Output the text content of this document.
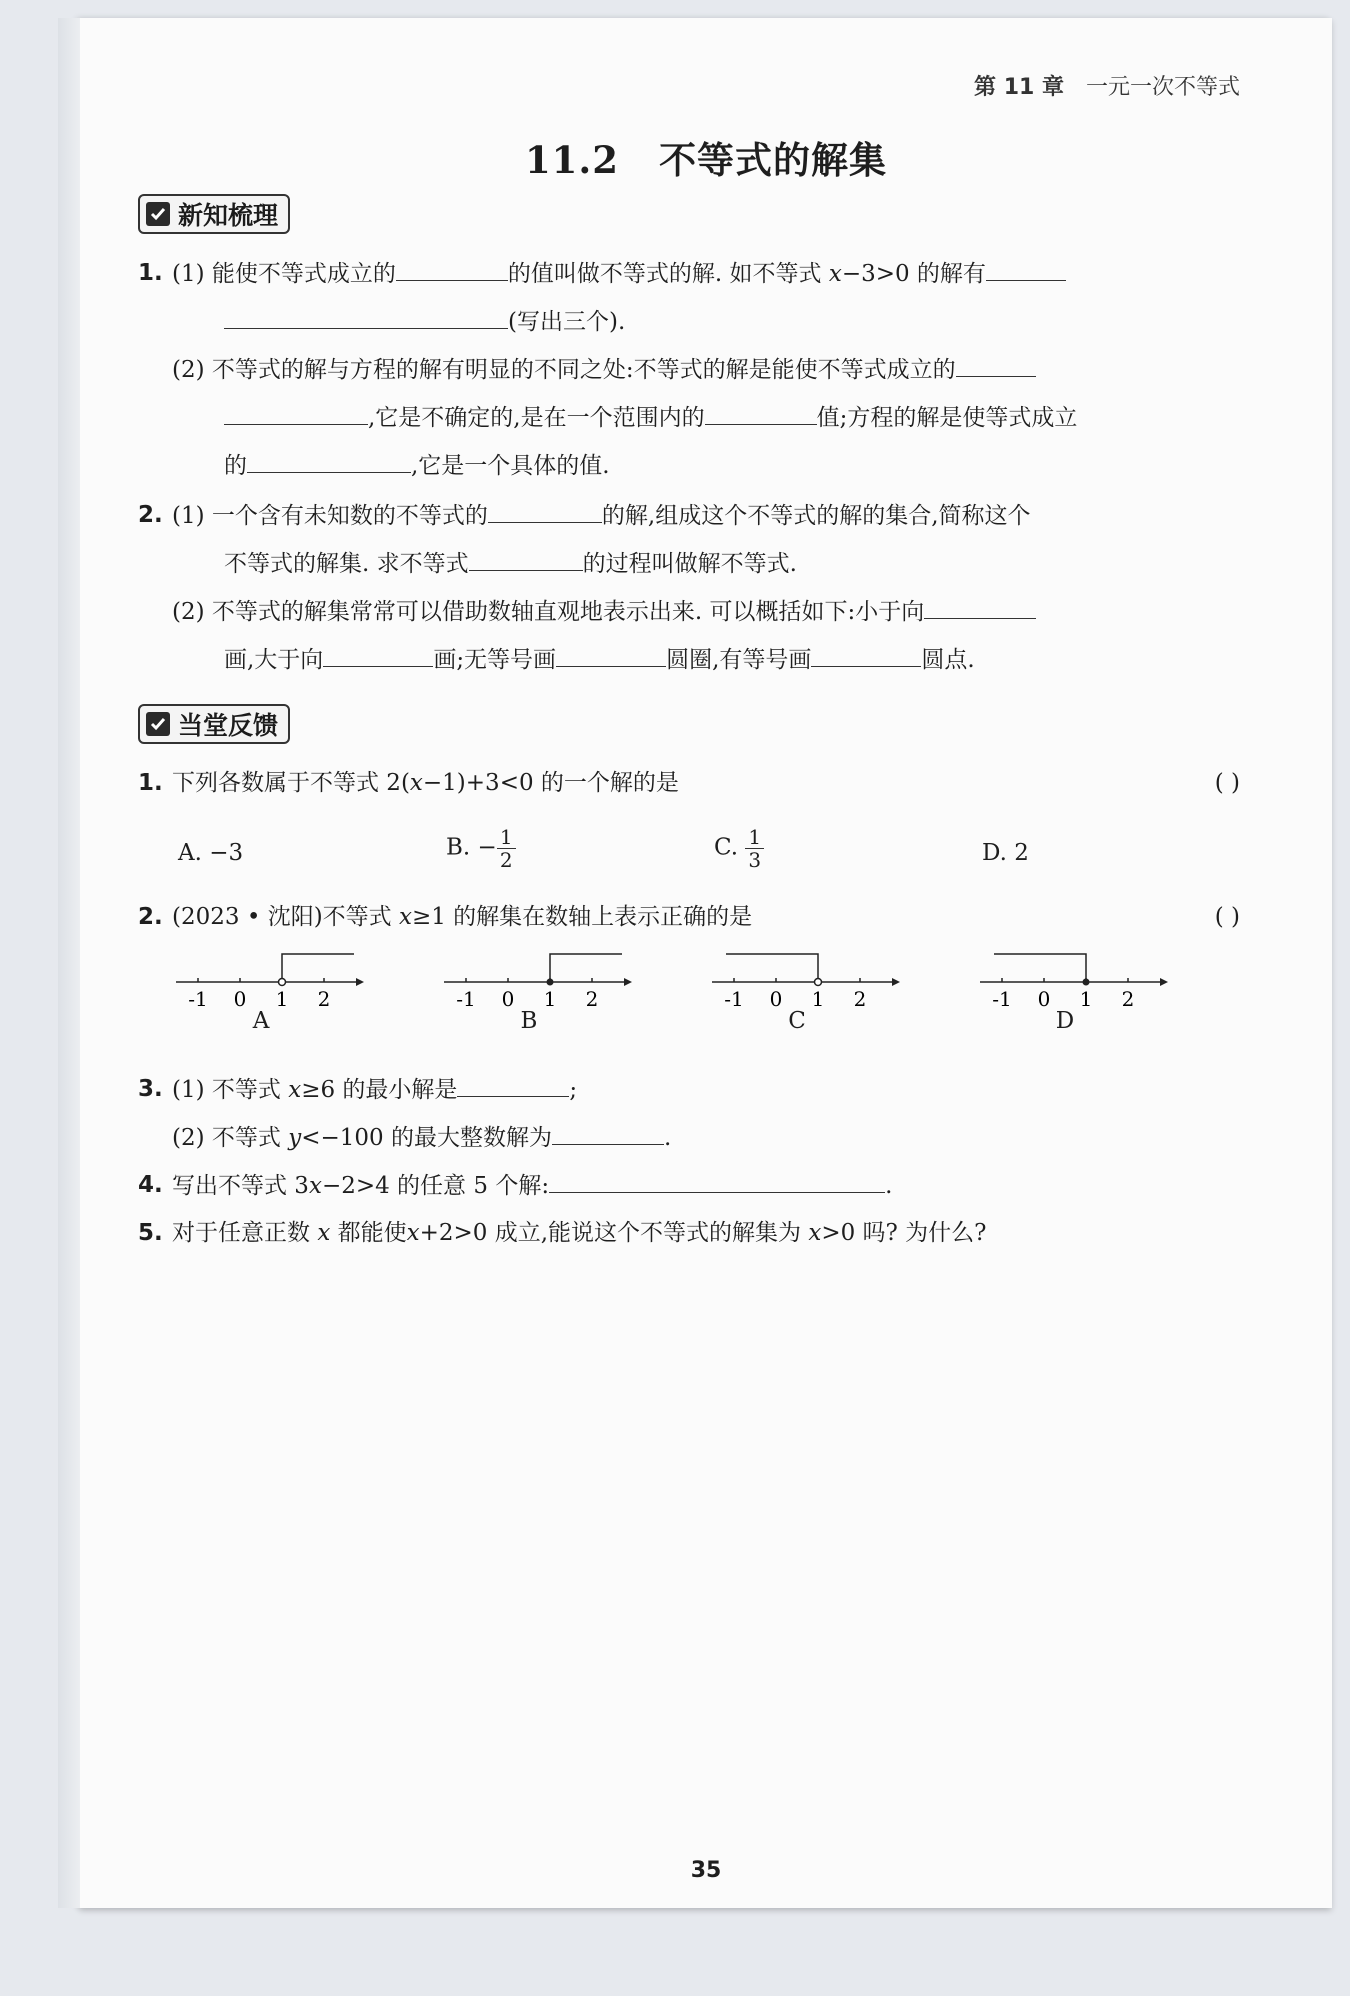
第 11 章 一元一次不等式
11.2 不等式的解集
新知梳理
1. (1) 能使不等式成立的	的值叫做不等式的解. 如不等式 x−3>0 的解有
(写出三个).
(2) 不等式的解与方程的解有明显的不同之处:不等式的解是能使不等式成立的
,它是不确定的,是在一个范围内的	值;方程的解是使等式成立
的	,它是一个具体的值.
2. (1) 一个含有未知数的不等式的	的解,组成这个不等式的解的集合,简称这个
不等式的解集. 求不等式	的过程叫做解不等式.
(2) 不等式的解集常常可以借助数轴直观地表示出来. 可以概括如下:小于向
画,大于向	画;无等号画	圆圈,有等号画	圆点.
当堂反馈
1. 下列各数属于不等式 2(x−1)+3<0 的一个解的是	( )
A. −3	B. − $\frac{1}{2}$	C. $\frac{1}{3}$	D. 2
2. (2023 • 沈阳)不等式 x≥1 的解集在数轴上表示正确的是	( )
-1 0 1 2
A
-1 0 1 2
B
-1 0 1 2
C
-1 0 1 2
D
3. (1) 不等式 x≥6 的最小解是	;
(2) 不等式 y<−100 的最大整数解为	.
4. 写出不等式 3x−2>4 的任意 5 个解:	.
5. 对于任意正数 x 都能使x+2>0 成立,能说这个不等式的解集为 x>0 吗? 为什么?
35
